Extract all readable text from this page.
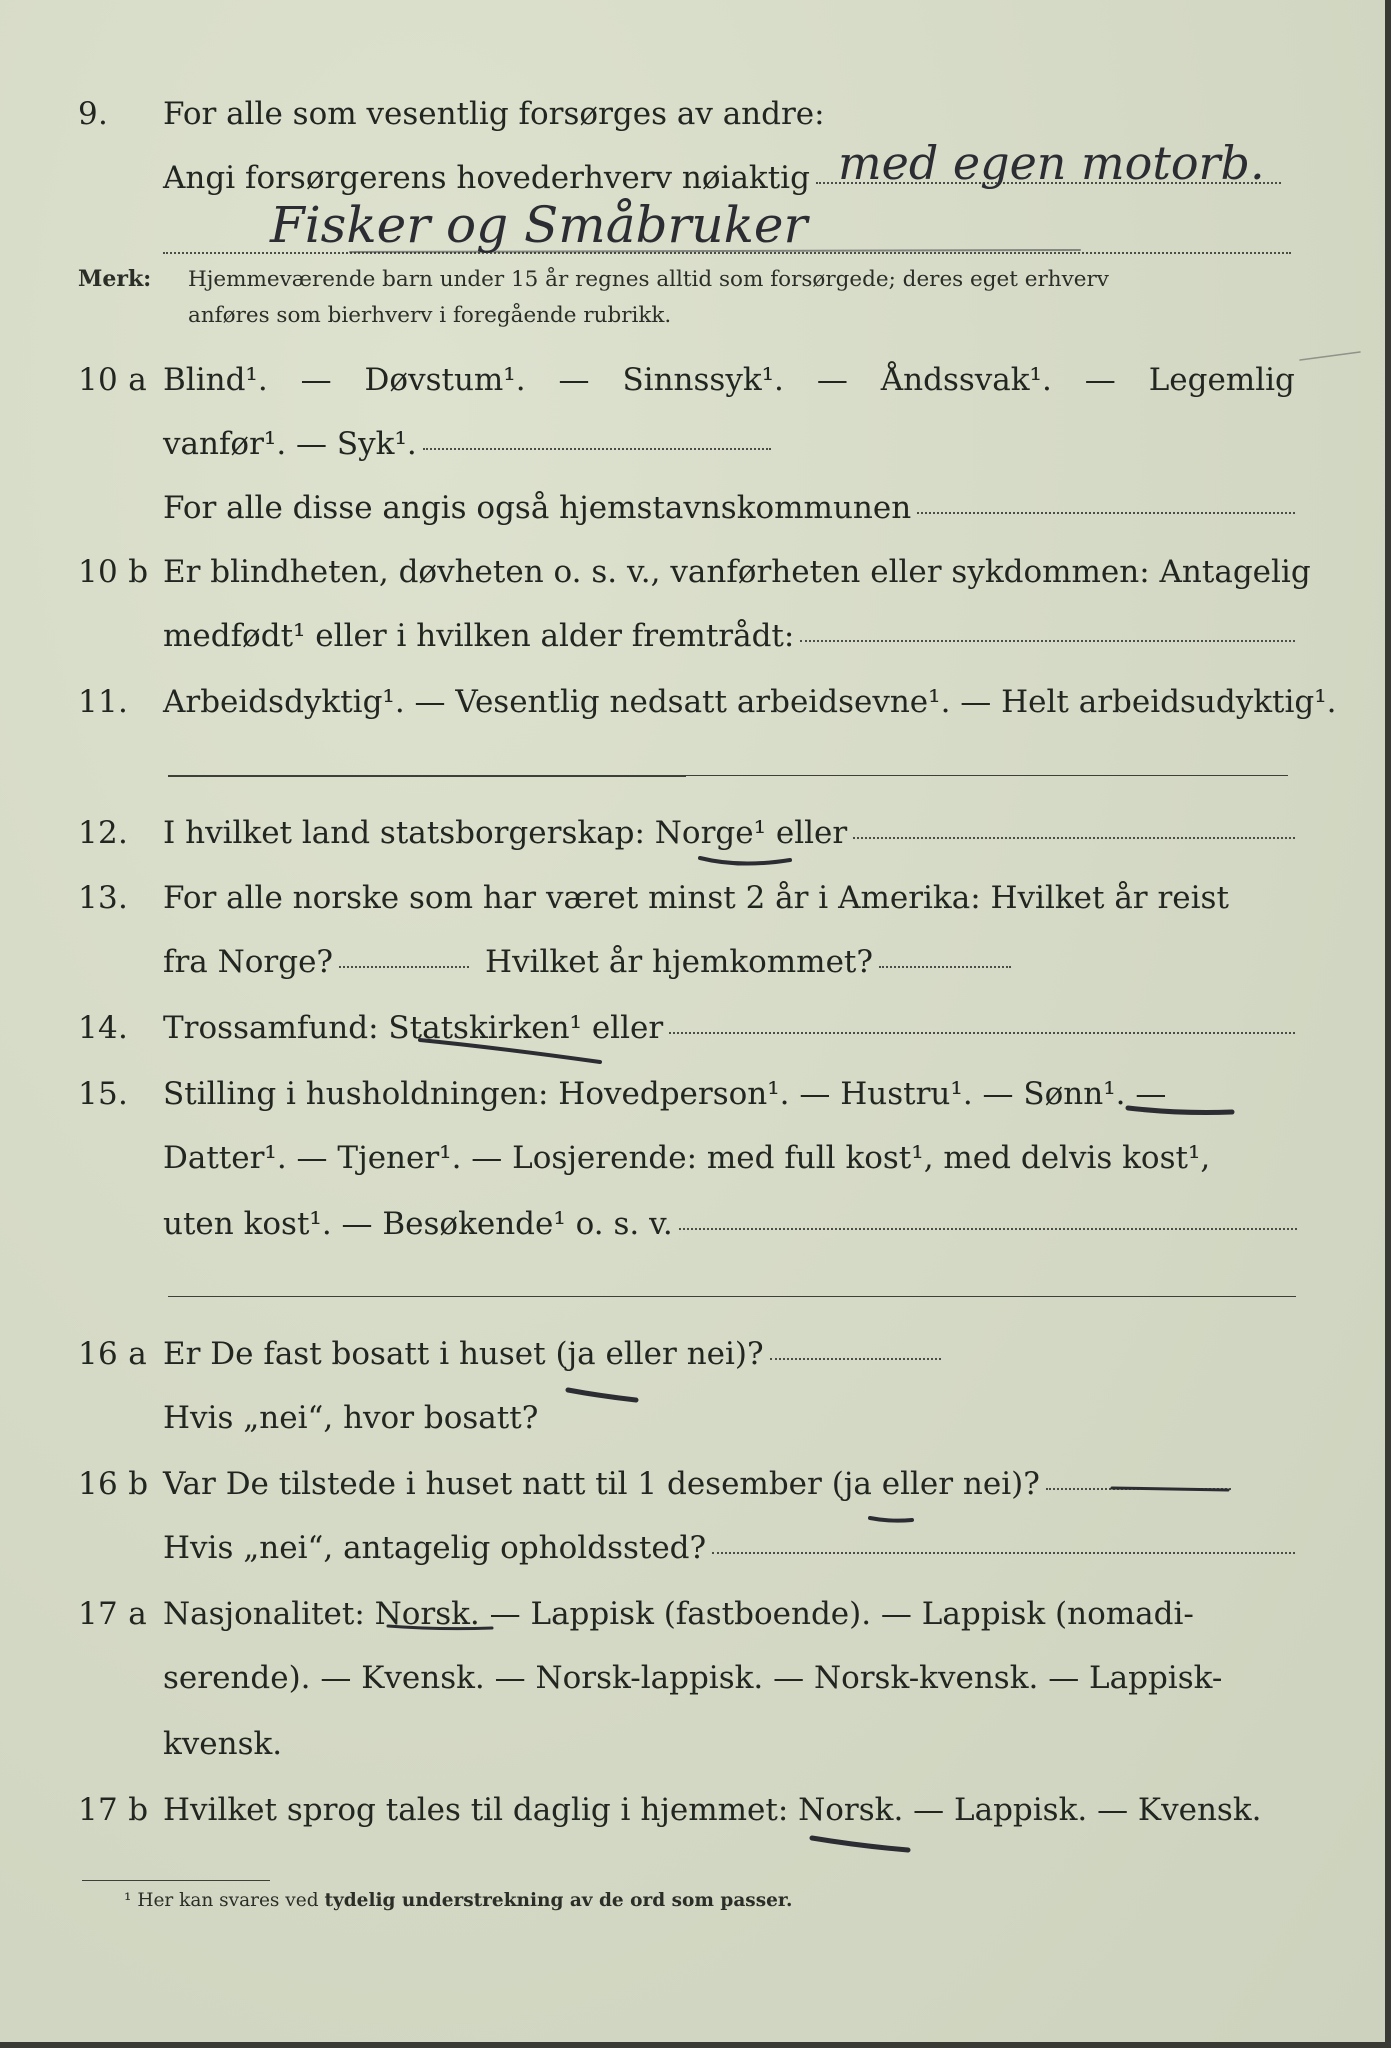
9. For alle som vesentlig forsørges av andre:
Angi forsørgerens hovederhverv nøiaktig med egen motorb.
Fisker og Småbruker
Merk: Hjemmeværende barn under 15 år regnes alltid som forsørgede; deres eget erhverv
anføres som bierhverv i foregående rubrikk.
10 a Blind¹. — Døvstum¹. — Sinnssyk¹. — Åndssvak¹. — Legemlig
vanfør¹. — Syk¹.
For alle disse angis også hjemstavnskommunen
10 b Er blindheten, døvheten o. s. v., vanførheten eller sykdommen: Antagelig
medfødt¹ eller i hvilken alder fremtrådt:
11. Arbeidsdyktig¹. — Vesentlig nedsatt arbeidsevne¹. — Helt arbeidsudyktig¹.
12. I hvilket land statsborgerskap: Norge¹ eller
13. For alle norske som har været minst 2 år i Amerika: Hvilket år reist
fra Norge?	Hvilket år hjemkommet?
14. Trossamfund: Statskirken¹ eller
15. Stilling i husholdningen: Hovedperson¹. — Hustru¹. — Sønn¹. —
Datter¹. — Tjener¹. — Losjerende: med full kost¹, med delvis kost¹,
uten kost¹. — Besøkende¹ o. s. v.
16 a Er De fast bosatt i huset (ja eller nei)?
Hvis „nei“, hvor bosatt?
16 b Var De tilstede i huset natt til 1 desember (ja eller nei)?
Hvis „nei“, antagelig opholdssted?
17 a Nasjonalitet: Norsk. — Lappisk (fastboende). — Lappisk (nomadi-
serende). — Kvensk. — Norsk-lappisk. — Norsk-kvensk. — Lappisk-
kvensk.
17 b Hvilket sprog tales til daglig i hjemmet: Norsk. — Lappisk. — Kvensk.
¹ Her kan svares ved tydelig understrekning av de ord som passer.
